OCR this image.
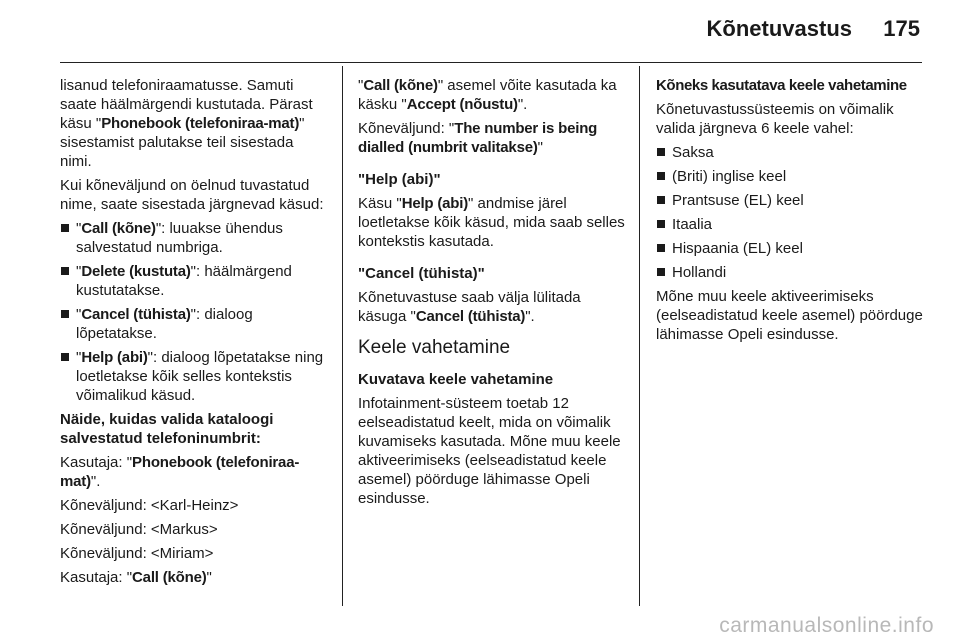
Kõnetuvastus 175

lisanud telefoniraamatusse. Samuti saate häälmärgendi kustutada. Pärast käsu "Phonebook (telefoniraa-mat)" sisestamist palutakse teil sisestada nimi.

Kui kõneväljund on öelnud tuvastatud nime, saate sisestada järgnevad käsud:

"Call (kõne)": luuakse ühendus salvestatud numbriga.
"Delete (kustuta)": häälmärgend kustutatakse.
"Cancel (tühista)": dialoog lõpetatakse.
"Help (abi)": dialoog lõpetatakse ning loetletakse kõik selles kontekstis võimalikud käsud.

Näide, kuidas valida kataloogi salvestatud telefoninumbrit:

Kasutaja: "Phonebook (telefoniraa-mat)".

Kõneväljund: <Karl-Heinz>

Kõneväljund: <Markus>

Kõneväljund: <Miriam>

Kasutaja: "Call (kõne)"

"Call (kõne)" asemel võite kasutada ka käsku "Accept (nõustu)".

Kõneväljund: "The number is being dialled (numbrit valitakse)"

"Help (abi)"

Käsu "Help (abi)" andmise järel loetletakse kõik käsud, mida saab selles kontekstis kasutada.

"Cancel (tühista)"

Kõnetuvastuse saab välja lülitada käsuga "Cancel (tühista)".

Keele vahetamine

Kuvatava keele vahetamine

Infotainment-süsteem toetab 12 eelseadistatud keelt, mida on võimalik kuvamiseks kasutada. Mõne muu keele aktiveerimiseks (eelseadistatud keele asemel) pöörduge lähimasse Opeli esindusse.

Kõneks kasutatava keele vahetamine

Kõnetuvastussüsteemis on võimalik valida järgneva 6 keele vahel:

Saksa
(Briti) inglise keel
Prantsuse (EL) keel
Itaalia
Hispaania (EL) keel
Hollandi

Mõne muu keele aktiveerimiseks (eelseadistatud keele asemel) pöörduge lähimasse Opeli esindusse.

carmanualsonline.info
